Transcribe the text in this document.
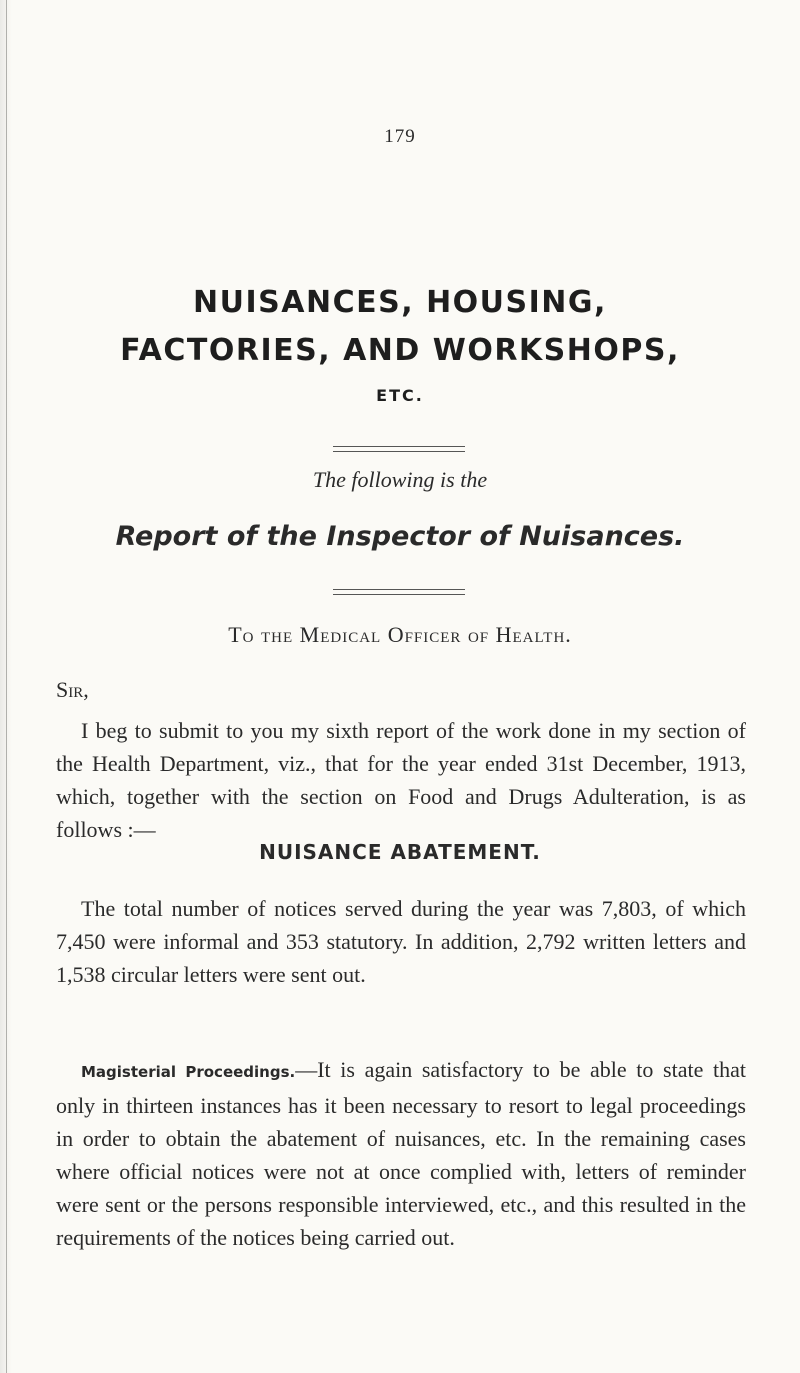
179
NUISANCES, HOUSING,
FACTORIES, AND WORKSHOPS,
ETC.
The following is the
Report of the Inspector of Nuisances.
To the Medical Officer of Health.
Sir,

I beg to submit to you my sixth report of the work done in my section of the Health Department, viz., that for the year ended 31st December, 1913, which, together with the section on Food and Drugs Adulteration, is as follows :—

NUISANCE ABATEMENT.

The total number of notices served during the year was 7,803, of which 7,450 were informal and 353 statutory. In addition, 2,792 written letters and 1,538 circular letters were sent out.

Magisterial Proceedings.—It is again satisfactory to be able to state that only in thirteen instances has it been necessary to resort to legal proceedings in order to obtain the abatement of nuisances, etc. In the remaining cases where official notices were not at once complied with, letters of reminder were sent or the persons responsible interviewed, etc., and this resulted in the requirements of the notices being carried out.
